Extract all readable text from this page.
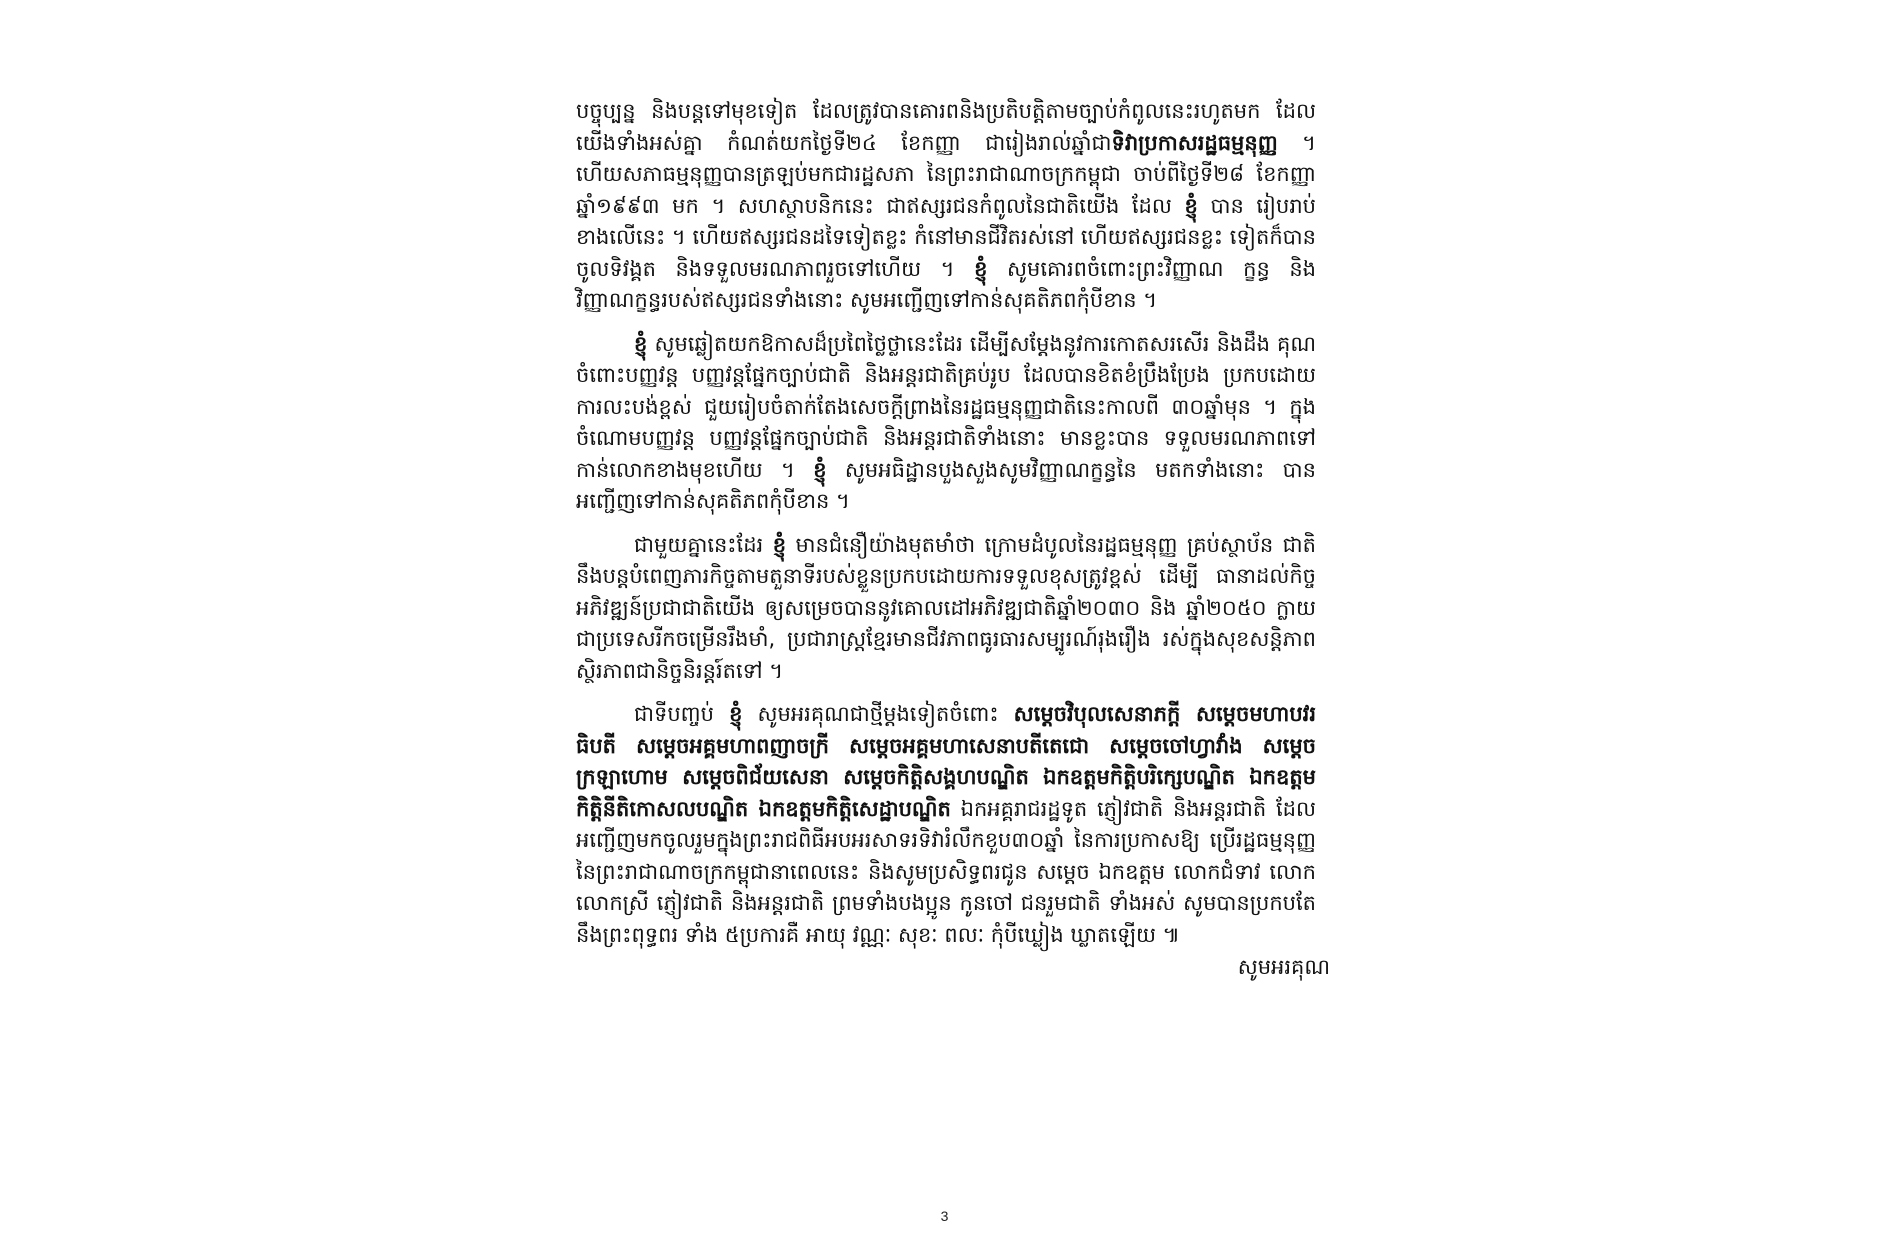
បច្ចុប្បន្ន និងបន្តទៅមុខទៀត ដែលត្រូវបានគោរពនិងប្រតិបត្តិតាមច្បាប់កំពូលនេះរហូតមក ដែលយើងទាំងអស់គ្នា កំណត់យកថ្ងៃទី២៤ ខែកញ្ញា ជារៀងរាល់ឆ្នាំជាទិវាប្រកាសរដ្ឋធម្មនុញ្ញ ។ ហើយសភាធម្មនុញ្ញបានត្រឡប់មកជារដ្ឋសភា នៃព្រះរាជាណាចក្រកម្ពុជា ចាប់ពីថ្ងៃទី២៨ ខែកញ្ញា ឆ្នាំ១៩៩៣ មក ។ សហស្ថាបនិកនេះ ជាឥស្សរជនកំពូលនៃជាតិយើង ដែល ខ្ញុំ បាន រៀបរាប់ខាងលើនេះ ។ ហើយឥស្សរជនដទៃទៀតខ្លះ កំនៅមានជីវិតរស់នៅ ហើយឥស្សរជនខ្លះ ទៀតក៏បានចូលទិវង្គត និងទទួលមរណភាពរួចទៅហើយ ។ ខ្ញុំ សូមគោរពចំពោះព្រះវិញ្ញាណ ក្ខន្ធ និងវិញ្ញាណក្ខន្ធរបស់ឥស្សរជនទាំងនោះ សូមអញ្ជើញទៅកាន់សុគតិភពកុំបីខាន ។

ខ្ញុំ សូមឆ្លៀតយកឱកាសដ៏ប្រពៃថ្លៃថ្លានេះដែរ ដើម្បីសម្ដែងនូវការកោតសរសើរ និងដឹង គុណចំពោះបញ្ញវន្ត បញ្ញវន្តផ្នែកច្បាប់ជាតិ និងអន្តរជាតិគ្រប់រូប ដែលបានខិតខំប្រឹងប្រែង ប្រកបដោយការលះបង់ខ្ពស់ ជួយរៀបចំតាក់តែងសេចក្ដីព្រាងនៃរដ្ឋធម្មនុញ្ញជាតិនេះកាលពី ៣០ឆ្នាំមុន ។ ក្នុងចំណោមបញ្ញវន្ត បញ្ញវន្តផ្នែកច្បាប់ជាតិ និងអន្តរជាតិទាំងនោះ មានខ្លះបាន ទទួលមរណភាពទៅកាន់លោកខាងមុខហើយ ។ ខ្ញុំ សូមអធិដ្ឋានបួងសួងសូមវិញ្ញាណក្ខន្ធនៃ មតកទាំងនោះ បានអញ្ជើញទៅកាន់សុគតិភពកុំបីខាន ។

ជាមួយគ្នានេះដែរ ខ្ញុំ មានជំនឿយ៉ាងមុតមាំថា ក្រោមដំបូលនៃរដ្ឋធម្មនុញ្ញ គ្រប់ស្ថាប័ន ជាតិ នឹងបន្តបំពេញភារកិច្ចតាមតួនាទីរបស់ខ្លួនប្រកបដោយការទទួលខុសត្រូវខ្ពស់ ដើម្បី ធានាដល់កិច្ចអភិវឌ្ឍន៍ប្រជាជាតិយើង ឲ្យសម្រេចបាននូវគោលដៅអភិវឌ្ឍជាតិឆ្នាំ២០៣០ និង ឆ្នាំ២០៥០ ក្លាយជាប្រទេសរីកចម្រើនរឹងមាំ, ប្រជារាស្ត្រខ្មែរមានជីវភាពធូរធារសម្បូរណ៍រុងរឿង រស់ក្នុងសុខសន្តិភាព ស្ថិរភាពជានិច្ចនិរន្តរ៍តទៅ ។

ជាទីបញ្ចប់ ខ្ញុំ សូមអរគុណជាថ្មីម្ដងទៀតចំពោះ សម្ដេចវិបុលសេនាភក្ដី សម្ដេចមហាបវរ ធិបតី សម្ដេចអគ្គមហាពញាចក្រី សម្ដេចអគ្គមហាសេនាបតីតេជោ សម្ដេចចៅហ្វាវាំង សម្ដេច ក្រឡាហោម សម្ដេចពិជ័យសេនា សម្ដេចកិត្តិសង្គហបណ្ឌិត ឯកឧត្ដមកិត្តិបរិក្សេបណ្ឌិត ឯកឧត្ដម កិត្តិនីតិកោសលបណ្ឌិត ឯកឧត្តមកិត្តិសេដ្ឋាបណ្ឌិត ឯកអគ្គរាជរដ្ឋទូត ភ្ញៀវជាតិ និងអន្តរជាតិ ដែលអញ្ជើញមកចូលរួមក្នុងព្រះរាជពិធីអបអរសាទរទិវារំលឹកខួប៣០ឆ្នាំ នៃការប្រកាសឱ្យ ប្រើរដ្ឋធម្មនុញ្ញ នៃព្រះរាជាណាចក្រកម្ពុជានាពេលនេះ និងសូមប្រសិទ្ធពរជូន សម្ដេច ឯកឧត្ដម លោកជំទាវ លោក លោកស្រី ភ្ញៀវជាតិ និងអន្តរជាតិ ព្រមទាំងបងប្អូន កូនចៅ ជនរួមជាតិ ទាំងអស់ សូមបានប្រកបតែនឹងព្រះពុទ្ធពរ ទាំង ៥ប្រការគឺ អាយុ វណ្ណៈ សុខៈ ពលៈ កុំបីឃ្លៀង ឃ្លាតឡើយ ៕

សូមអរគុណ
3
